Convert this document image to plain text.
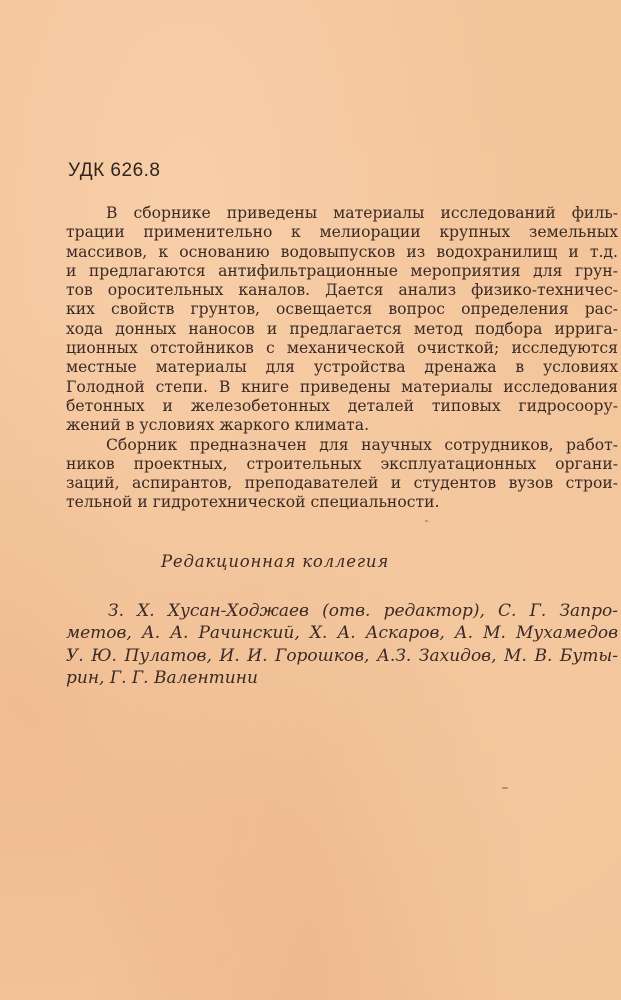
УДК 626.8

В сборнике приведены материалы исследований филь-
трации применительно к мелиорации крупных земельных
массивов, к основанию водовыпусков из водохранилищ и т.д.
и предлагаются антифильтрационные мероприятия для грун-
тов оросительных каналов. Дается анализ физико-техничес-
ких свойств грунтов, освещается вопрос определения рас-
хода донных наносов и предлагается метод подбора ирригa-
ционных отстойников с механической очисткой; исследуются
местные материалы для устройства дренажа в условиях
Голодной степи. В книге приведены материалы исследования
бетонных и железобетонных деталей типовых гидросоору-
жений в условиях жаркого климата.

Сборник предназначен для научных сотрудников, работ-
ников проектных, строительных эксплуатационных органи-
заций, аспирантов, преподавателей и студентов вузов строи-
тельной и гидротехнической специальности.

Редакционная коллегия
З. Х. Хусан-Ходжаев (отв. редактор), С. Г. Запро-
метов, А. А. Рачинский, Х. А. Аскаров, А. М. Мухамедов
У. Ю. Пулатов, И. И. Горошков, А.З. Захидов, М. В. Буты-
рин, Г. Г. Валентини
